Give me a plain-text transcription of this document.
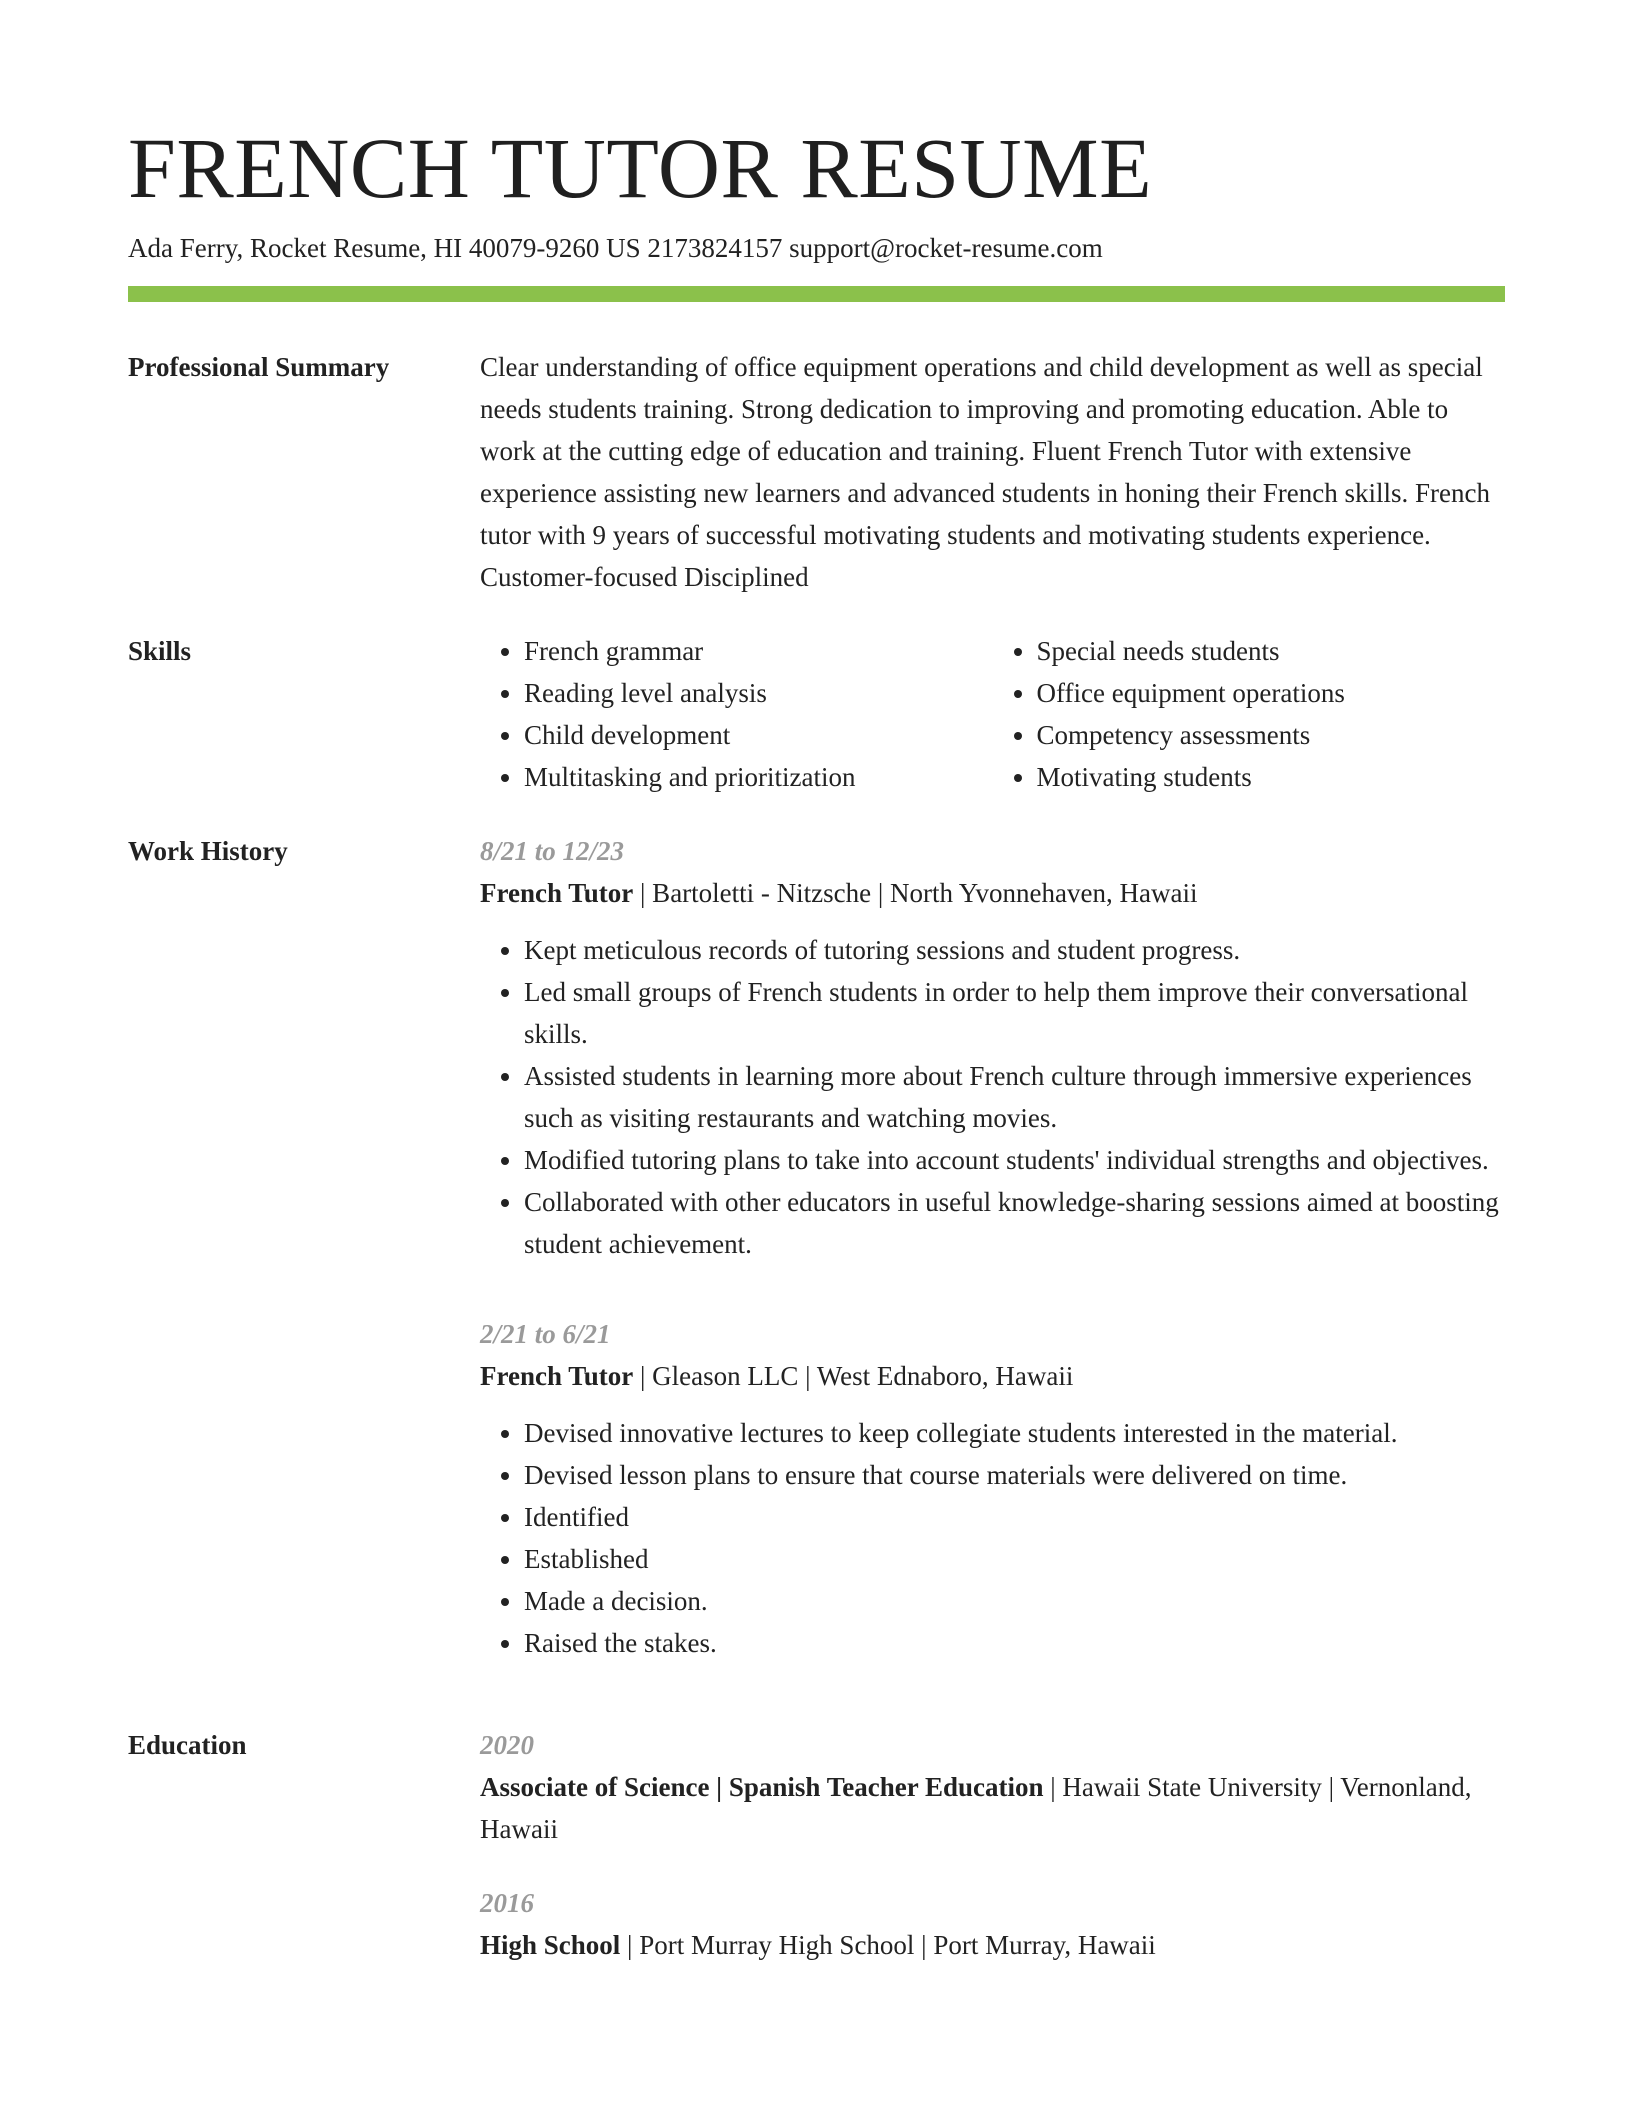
FRENCH TUTOR RESUME
Ada Ferry, Rocket Resume, HI 40079-9260 US 2173824157 support@rocket-resume.com
Professional Summary	Clear understanding of office equipment operations and child development as well as special needs students training. Strong dedication to improving and promoting education. Able to work at the cutting edge of education and training. Fluent French Tutor with extensive experience assisting new learners and advanced students in honing their French skills. French tutor with 9 years of successful motivating students and motivating students experience. Customer-focused Disciplined

Skills
•	French grammar
• Reading level analysis
• Child development
• Multitasking and prioritization
• Special needs students
• Office equipment operations
• Competency assessments
• Motivating students
Work History	8/21 to 12/23
French Tutor | Bartoletti - Nitzsche | North Yvonnehaven, Hawaii
• Kept meticulous records of tutoring sessions and student progress.
• Led small groups of French students in order to help them improve their conversational skills.
• Assisted students in learning more about French culture through immersive experiences such as visiting restaurants and watching movies.
• Modified tutoring plans to take into account students' individual strengths and objectives.
• Collaborated with other educators in useful knowledge-sharing sessions aimed at boosting student achievement.
2/21 to 6/21
French Tutor | Gleason LLC | West Ednaboro, Hawaii
• Devised innovative lectures to keep collegiate students interested in the material.
• Devised lesson plans to ensure that course materials were delivered on time.
• Identified
• Established
• Made a decision.
• Raised the stakes.
Education	2020
Associate of Science | Spanish Teacher Education | Hawaii State University | Vernonland, Hawaii
2016
High School | Port Murray High School | Port Murray, Hawaii
